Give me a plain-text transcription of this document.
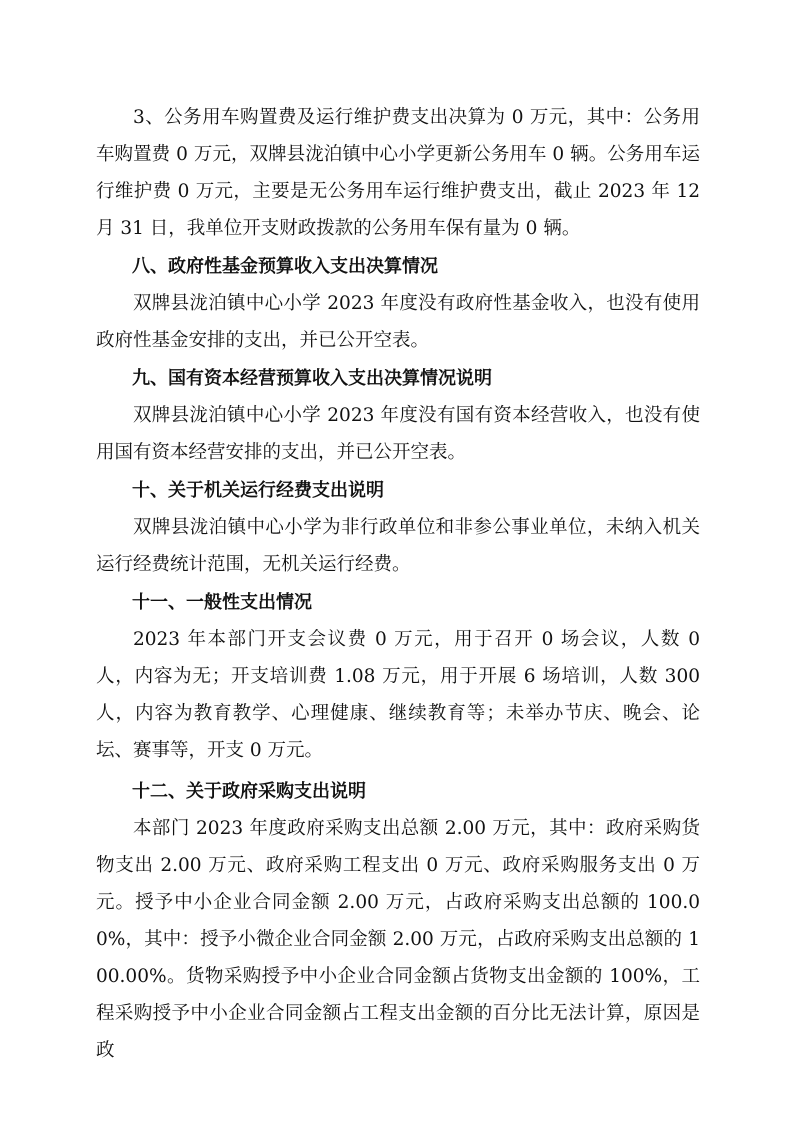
3、公务用车购置费及运行维护费支出决算为 0 万元，其中：公务用车购置费 0 万元，双牌县泷泊镇中心小学更新公务用车 0 辆。公务用车运行维护费 0 万元，主要是无公务用车运行维护费支出，截止 2023 年 12 月 31 日，我单位开支财政拨款的公务用车保有量为 0 辆。

八、政府性基金预算收入支出决算情况

双牌县泷泊镇中心小学 2023 年度没有政府性基金收入，也没有使用政府性基金安排的支出，并已公开空表。

九、国有资本经营预算收入支出决算情况说明

双牌县泷泊镇中心小学 2023 年度没有国有资本经营收入，也没有使用国有资本经营安排的支出，并已公开空表。

十、关于机关运行经费支出说明

双牌县泷泊镇中心小学为非行政单位和非参公事业单位，未纳入机关运行经费统计范围，无机关运行经费。

十一、一般性支出情况

2023 年本部门开支会议费 0 万元，用于召开 0 场会议，人数 0 人，内容为无；开支培训费 1.08 万元，用于开展 6 场培训，人数 300 人，内容为教育教学、心理健康、继续教育等；未举办节庆、晚会、论坛、赛事等，开支 0 万元。

十二、关于政府采购支出说明

本部门 2023 年度政府采购支出总额 2.00 万元，其中：政府采购货物支出 2.00 万元、政府采购工程支出 0 万元、政府采购服务支出 0 万元。授予中小企业合同金额 2.00 万元，占政府采购支出总额的 100.00%，其中：授予小微企业合同金额 2.00 万元，占政府采购支出总额的 100.00%。货物采购授予中小企业合同金额占货物支出金额的 100%，工程采购授予中小企业合同金额占工程支出金额的百分比无法计算，原因是政
